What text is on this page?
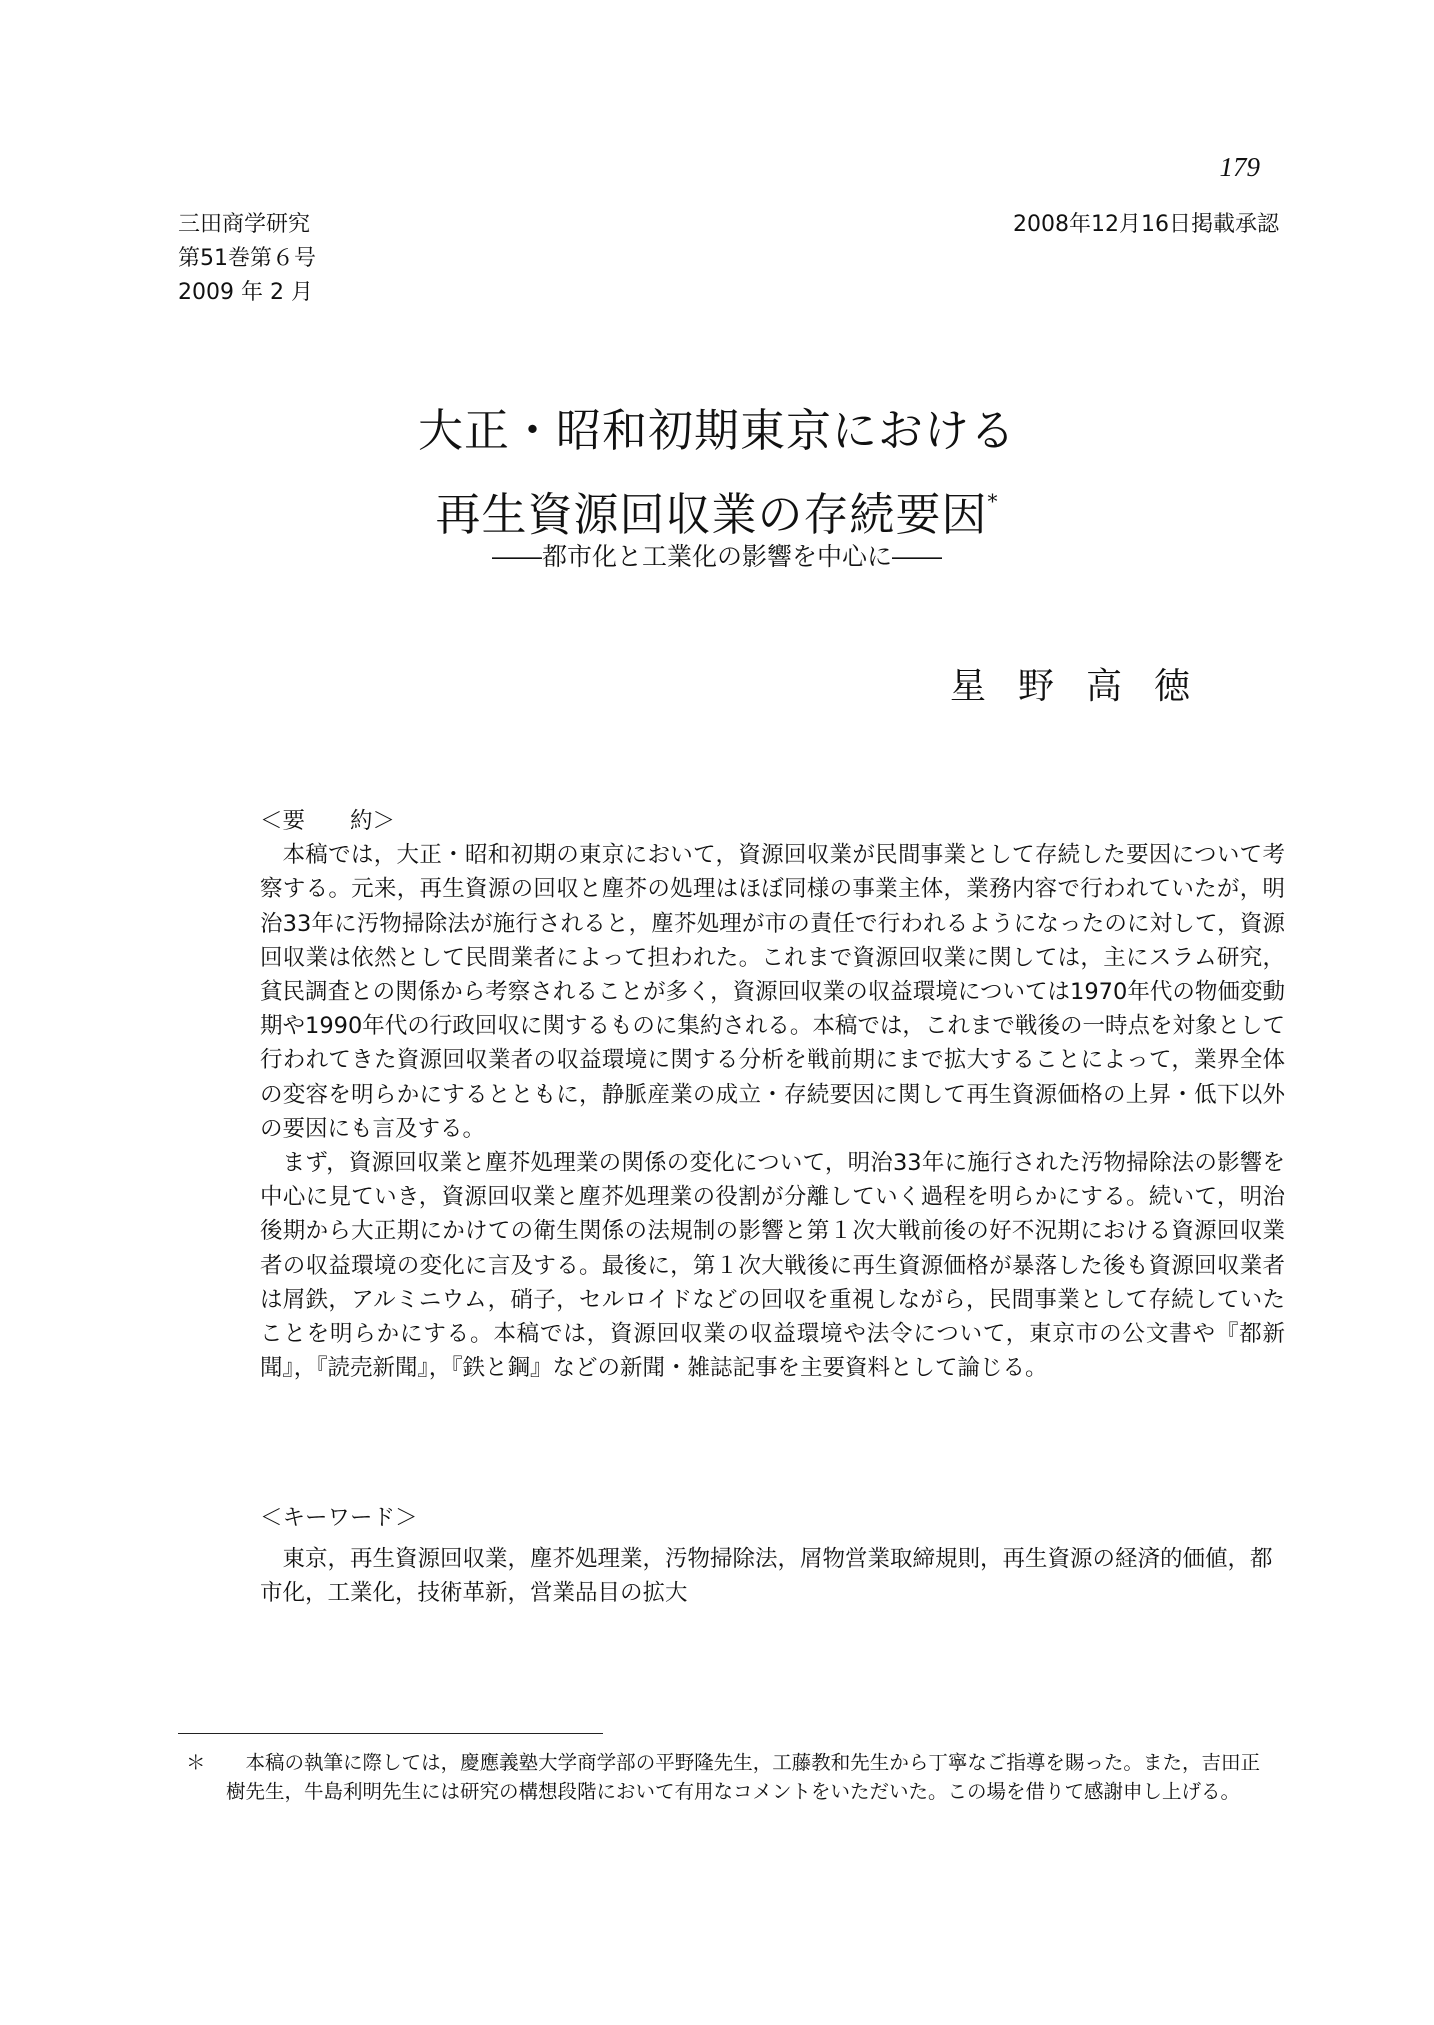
179
三田商学研究
第51巻第６号
2009 年 2 月
2008年12月16日掲載承認
大正・昭和初期東京における
再生資源回収業の存続要因*
――都市化と工業化の影響を中心に――
星野高徳
＜要　　約＞

本稿では，大正・昭和初期の東京において，資源回収業が民間事業として存続した要因について考察する。元来，再生資源の回収と塵芥の処理はほぼ同様の事業主体，業務内容で行われていたが，明治33年に汚物掃除法が施行されると，塵芥処理が市の責任で行われるようになったのに対して，資源回収業は依然として民間業者によって担われた。これまで資源回収業に関しては，主にスラム研究，貧民調査との関係から考察されることが多く，資源回収業の収益環境については1970年代の物価変動期や1990年代の行政回収に関するものに集約される。本稿では，これまで戦後の一時点を対象として行われてきた資源回収業者の収益環境に関する分析を戦前期にまで拡大することによって，業界全体の変容を明らかにするとともに，静脈産業の成立・存続要因に関して再生資源価格の上昇・低下以外の要因にも言及する。

まず，資源回収業と塵芥処理業の関係の変化について，明治33年に施行された汚物掃除法の影響を中心に見ていき，資源回収業と塵芥処理業の役割が分離していく過程を明らかにする。続いて，明治後期から大正期にかけての衛生関係の法規制の影響と第１次大戦前後の好不況期における資源回収業者の収益環境の変化に言及する。最後に，第１次大戦後に再生資源価格が暴落した後も資源回収業者は屑鉄，アルミニウム，硝子，セルロイドなどの回収を重視しながら，民間事業として存続していたことを明らかにする。本稿では，資源回収業の収益環境や法令について，東京市の公文書や『都新聞』，『読売新聞』，『鉄と鋼』などの新聞・雑誌記事を主要資料として論じる。

＜キーワード＞
東京，再生資源回収業，塵芥処理業，汚物掃除法，屑物営業取締規則，再生資源の経済的価値，都市化，工業化，技術革新，営業品目の拡大
＊	本稿の執筆に際しては，慶應義塾大学商学部の平野隆先生，工藤教和先生から丁寧なご指導を賜った。また，吉田正樹先生，牛島利明先生には研究の構想段階において有用なコメントをいただいた。この場を借りて感謝申し上げる。
